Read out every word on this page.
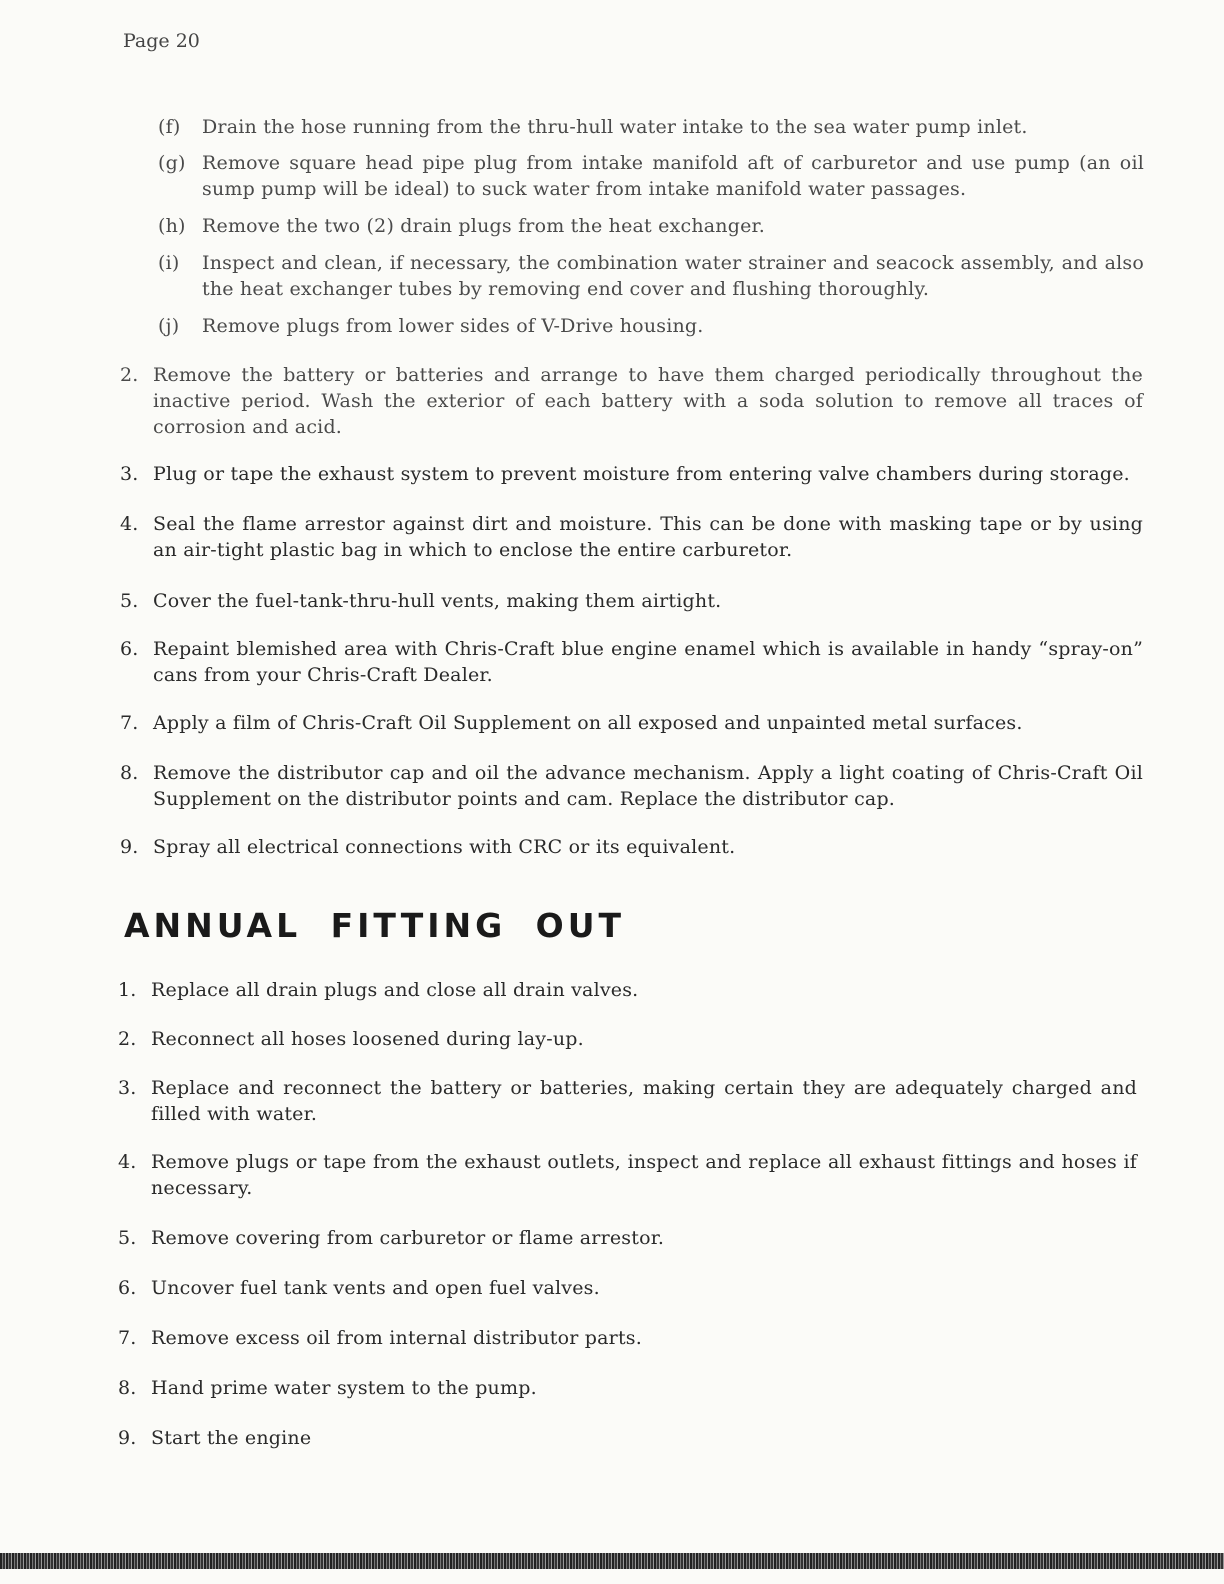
Page 20
(f) Drain the hose running from the thru-hull water intake to the sea water pump inlet.
(g) Remove square head pipe plug from intake manifold aft of carburetor and use pump (an oil sump pump will be ideal) to suck water from intake manifold water passages.
(h) Remove the two (2) drain plugs from the heat exchanger.
(i) Inspect and clean, if necessary, the combination water strainer and seacock assembly, and also the heat exchanger tubes by removing end cover and flushing thoroughly.
(j) Remove plugs from lower sides of V-Drive housing.
2. Remove the battery or batteries and arrange to have them charged periodically throughout the inactive period. Wash the exterior of each battery with a soda solution to remove all traces of corrosion and acid.
3. Plug or tape the exhaust system to prevent moisture from entering valve chambers during storage.
4. Seal the flame arrestor against dirt and moisture. This can be done with masking tape or by using an air-tight plastic bag in which to enclose the entire carburetor.
5. Cover the fuel-tank-thru-hull vents, making them airtight.
6. Repaint blemished area with Chris-Craft blue engine enamel which is available in handy “spray-on” cans from your Chris-Craft Dealer.
7. Apply a film of Chris-Craft Oil Supplement on all exposed and unpainted metal surfaces.
8. Remove the distributor cap and oil the advance mechanism. Apply a light coating of Chris-Craft Oil Supplement on the distributor points and cam. Replace the distributor cap.
9. Spray all electrical connections with CRC or its equivalent.
ANNUAL FITTING OUT
1. Replace all drain plugs and close all drain valves.
2. Reconnect all hoses loosened during lay-up.
3. Replace and reconnect the battery or batteries, making certain they are adequately charged and filled with water.
4. Remove plugs or tape from the exhaust outlets, inspect and replace all exhaust fittings and hoses if necessary.
5. Remove covering from carburetor or flame arrestor.
6. Uncover fuel tank vents and open fuel valves.
7. Remove excess oil from internal distributor parts.
8. Hand prime water system to the pump.
9. Start the engine
